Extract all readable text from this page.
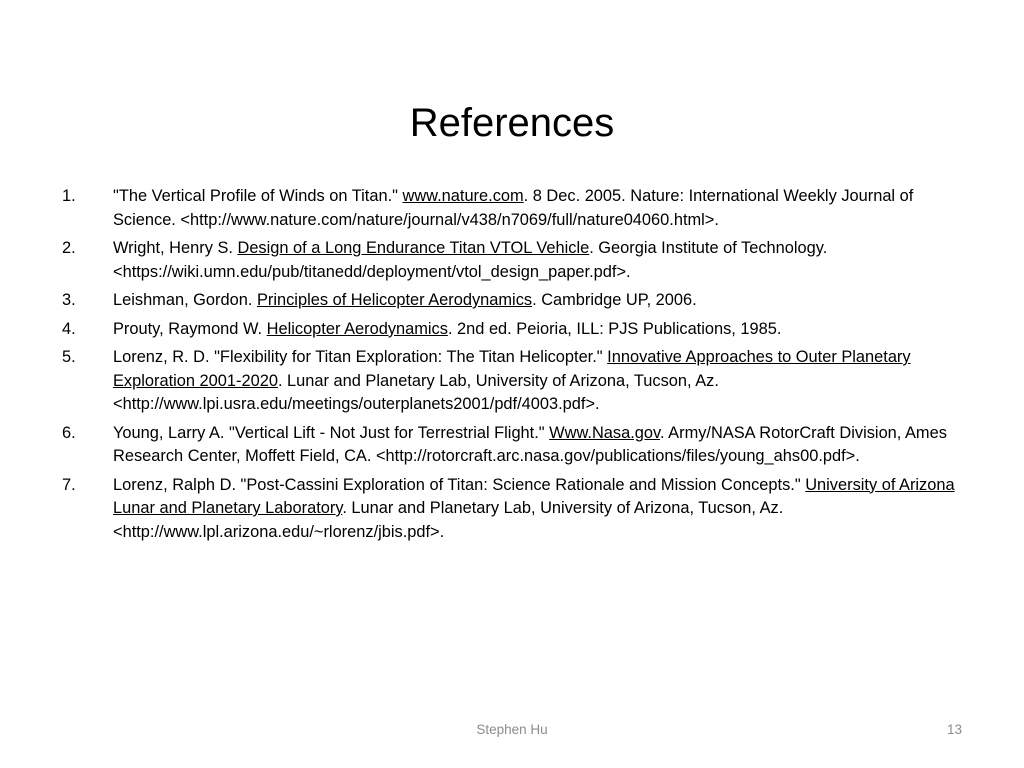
References
1. "The Vertical Profile of Winds on Titan." www.nature.com. 8 Dec. 2005. Nature: International Weekly Journal of Science. <http://www.nature.com/nature/journal/v438/n7069/full/nature04060.html>.
2. Wright, Henry S. Design of a Long Endurance Titan VTOL Vehicle. Georgia Institute of Technology. <https://wiki.umn.edu/pub/titanedd/deployment/vtol_design_paper.pdf>.
3. Leishman, Gordon. Principles of Helicopter Aerodynamics. Cambridge UP, 2006.
4. Prouty, Raymond W. Helicopter Aerodynamics. 2nd ed. Peioria, ILL: PJS Publications, 1985.
5. Lorenz, R. D. "Flexibility for Titan Exploration: The Titan Helicopter." Innovative Approaches to Outer Planetary Exploration 2001-2020. Lunar and Planetary Lab, University of Arizona, Tucson, Az. <http://www.lpi.usra.edu/meetings/outerplanets2001/pdf/4003.pdf>.
6. Young, Larry A. "Vertical Lift - Not Just for Terrestrial Flight." Www.Nasa.gov. Army/NASA RotorCraft Division, Ames Research Center, Moffett Field, CA. <http://rotorcraft.arc.nasa.gov/publications/files/young_ahs00.pdf>.
7. Lorenz, Ralph D. "Post-Cassini Exploration of Titan: Science Rationale and Mission Concepts." University of Arizona Lunar and Planetary Laboratory. Lunar and Planetary Lab, University of Arizona, Tucson, Az. <http://www.lpl.arizona.edu/~rlorenz/jbis.pdf>.
Stephen Hu	13
